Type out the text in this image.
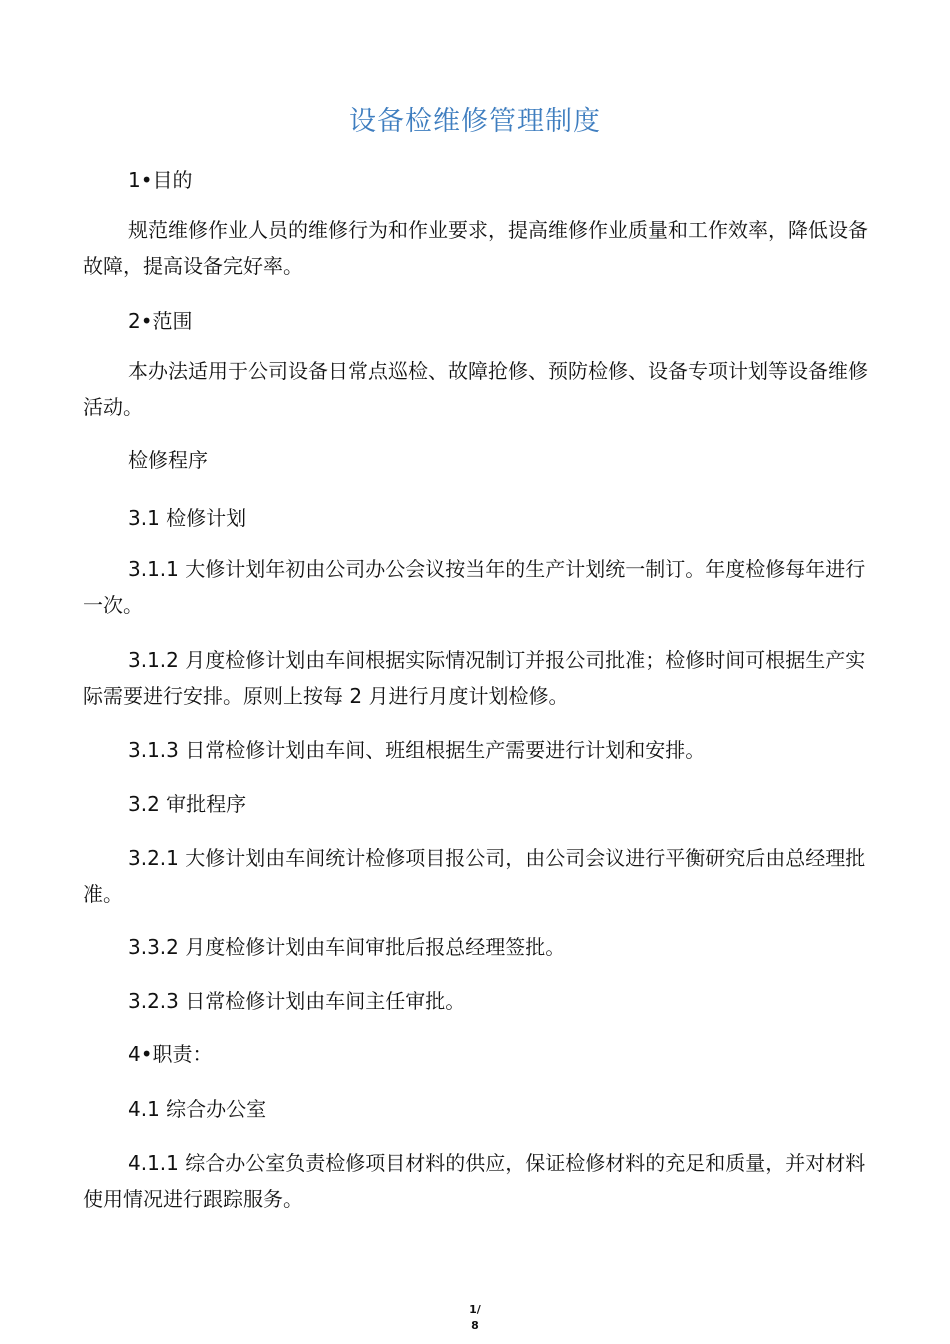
设备检维修管理制度

1•目的

规范维修作业人员的维修行为和作业要求，提高维修作业质量和工作效率，降低设备故障，提高设备完好率。

2•范围

本办法适用于公司设备日常点巡检、故障抢修、预防检修、设备专项计划等设备维修活动。

检修程序

3.1 检修计划

3.1.1 大修计划年初由公司办公会议按当年的生产计划统一制订。年度检修每年进行一次。

3.1.2 月度检修计划由车间根据实际情况制订并报公司批准；检修时间可根据生产实际需要进行安排。原则上按每 2 月进行月度计划检修。

3.1.3 日常检修计划由车间、班组根据生产需要进行计划和安排。

3.2 审批程序

3.2.1 大修计划由车间统计检修项目报公司，由公司会议进行平衡研究后由总经理批准。

3.3.2 月度检修计划由车间审批后报总经理签批。

3.2.3 日常检修计划由车间主任审批。

4•职责：

4.1 综合办公室

4.1.1 综合办公室负责检修项目材料的供应，保证检修材料的充足和质量，并对材料使用情况进行跟踪服务。

1/
8
